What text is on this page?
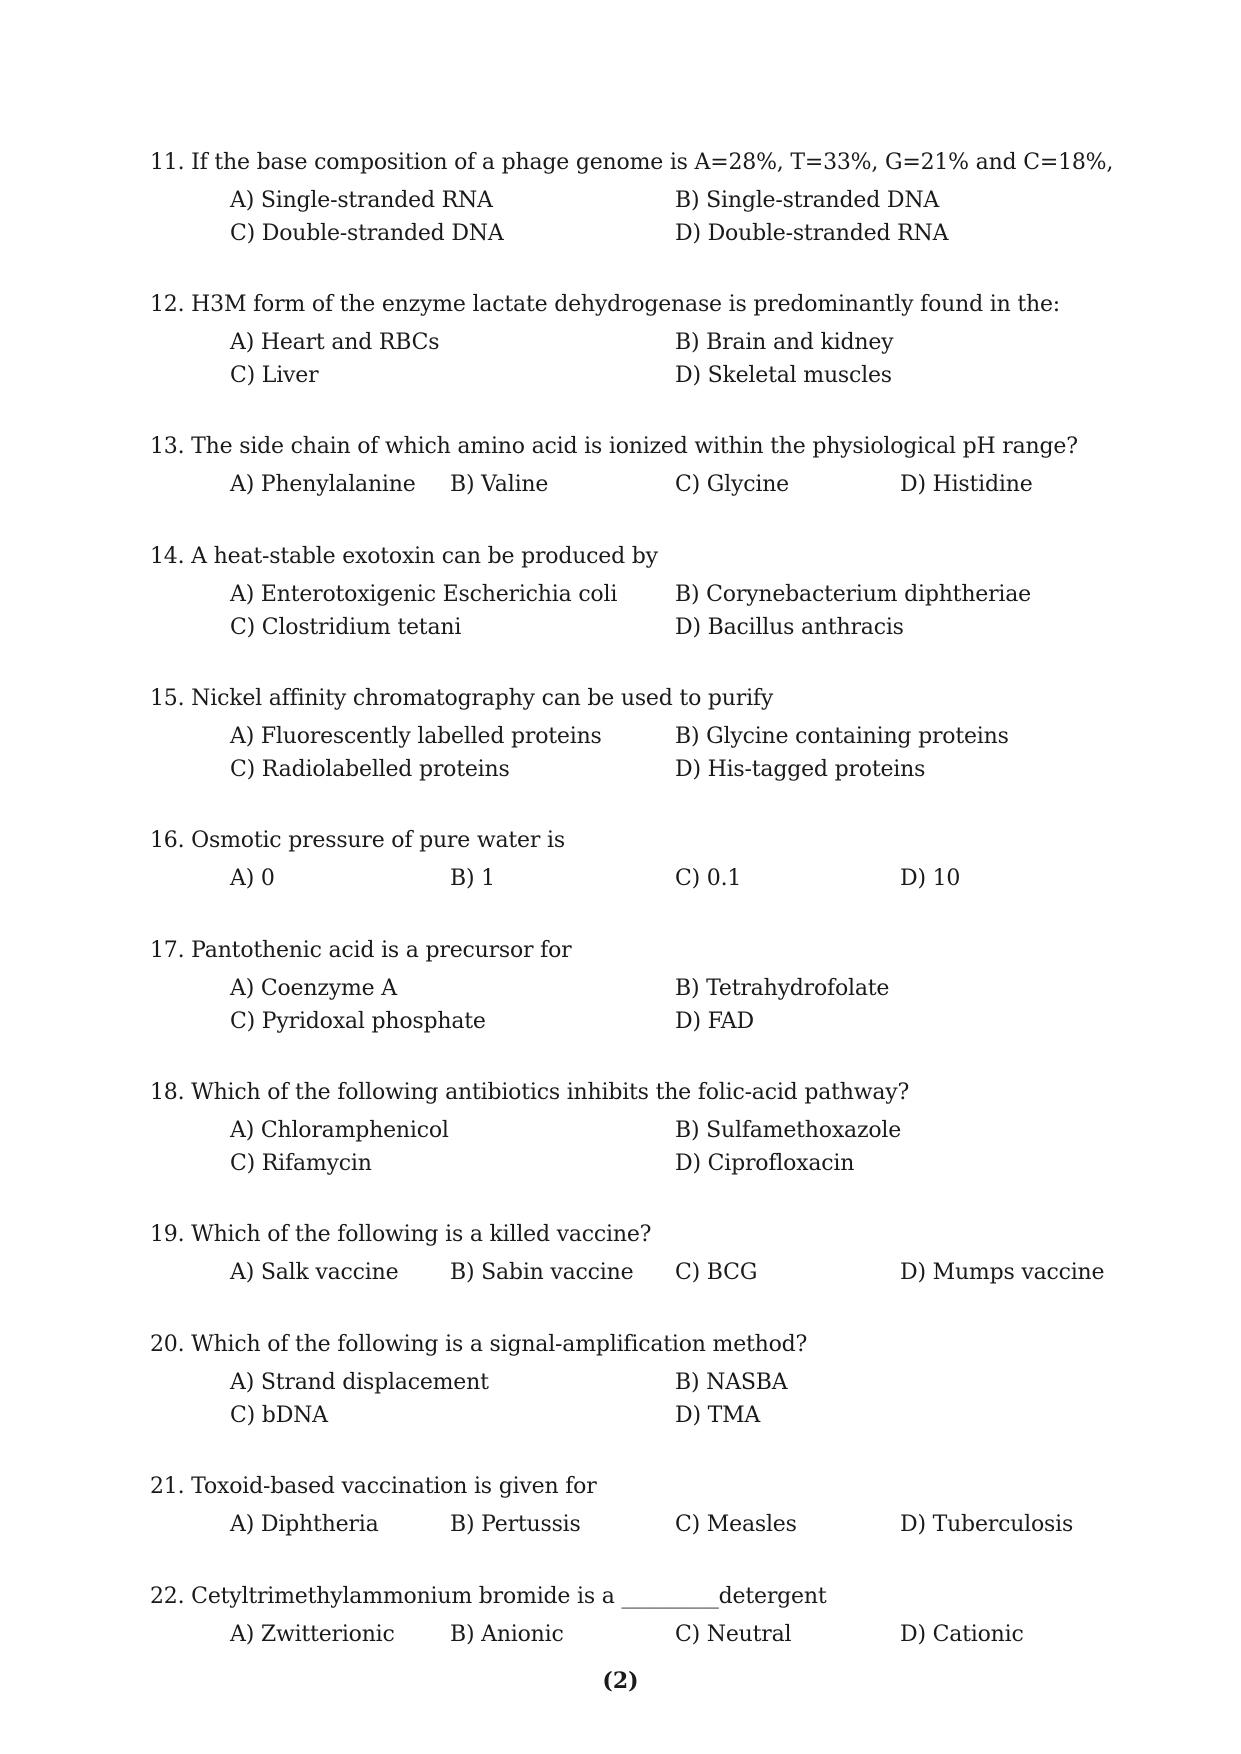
11. If the base composition of a phage genome is A=28%, T=33%, G=21% and C=18%,
A) Single-stranded RNA	B) Single-stranded DNA
C) Double-stranded DNA	D) Double-stranded RNA
12. H3M form of the enzyme lactate dehydrogenase is predominantly found in the:
A) Heart and RBCs	B) Brain and kidney
C) Liver	D) Skeletal muscles
13. The side chain of which amino acid is ionized within the physiological pH range?
A) Phenylalanine B) Valine	C) Glycine	D) Histidine
14. A heat-stable exotoxin can be produced by
A) Enterotoxigenic Escherichia coli	B) Corynebacterium diphtheriae
C) Clostridium tetani	D) Bacillus anthracis
15. Nickel affinity chromatography can be used to purify
A) Fluorescently labelled proteins	B) Glycine containing proteins
C) Radiolabelled proteins	D) His-tagged proteins
16. Osmotic pressure of pure water is
A) 0	B) 1	C) 0.1	D) 10
17. Pantothenic acid is a precursor for
A) Coenzyme A	B) Tetrahydrofolate
C) Pyridoxal phosphate	D) FAD
18. Which of the following antibiotics inhibits the folic-acid pathway?
A) Chloramphenicol	B) Sulfamethoxazole
C) Rifamycin	D) Ciprofloxacin
19. Which of the following is a killed vaccine?
A) Salk vaccine B) Sabin vaccine C) BCG	D) Mumps vaccine
20. Which of the following is a signal-amplification method?
A) Strand displacement	B) NASBA
C) bDNA	D) TMA
21. Toxoid-based vaccination is given for
A) Diphtheria	B) Pertussis	C) Measles	D) Tuberculosis
22. Cetyltrimethylammonium bromide is a _________detergent
A) Zwitterionic	B) Anionic	C) Neutral	D) Cationic
(2)
